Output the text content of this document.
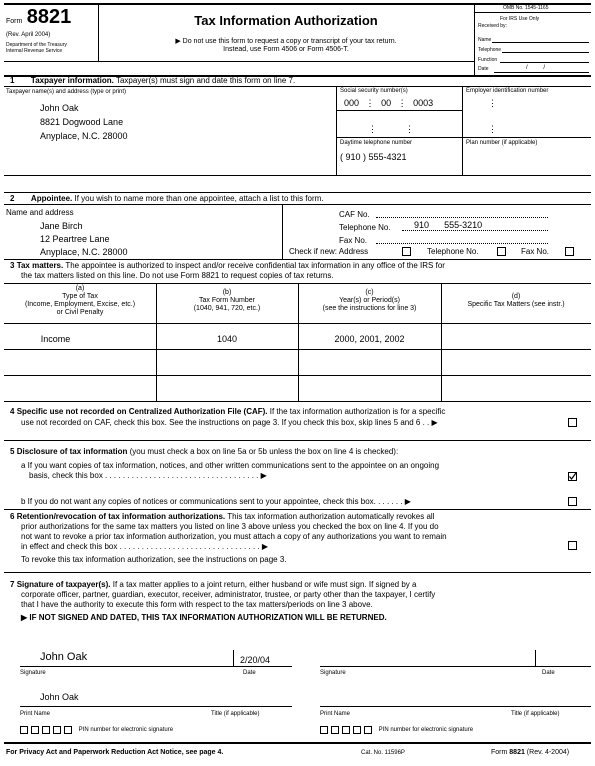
Form 8821
(Rev. April 2004)
Department of the Treasury
Internal Revenue Service
Tax Information Authorization
▶ Do not use this form to request a copy or transcript of your tax return.
Instead, use Form 4506 or Form 4506-T.
OMB No. 1545-1165
For IRS Use Only
Received by:
Name
Telephone
Function
Date	/ /
1 Taxpayer information. Taxpayer(s) must sign and date this form on line 7.
Taxpayer name(s) and address (type or print)
John Oak
8821 Dogwood Lane
Anyplace, N.C. 28000
Social security number(s)
000 ⋮ 00 ⋮ 0003
⋮	⋮
Employer identification number
⋮
⋮
Daytime telephone number
( 910 ) 555-4321
Plan number (if applicable)
2 Appointee. If you wish to name more than one appointee, attach a list to this form.
Name and address
Jane Birch
12 Peartree Lane
Anyplace, N.C. 28000
CAF No.
Telephone No.	910 555-3210
Fax No.
Check if new: Address	Telephone No.	Fax No.
3 Tax matters. The appointee is authorized to inspect and/or receive confidential tax information in any office of the IRS for
the tax matters listed on this line. Do not use Form 8821 to request copies of tax returns.
(a)
Type of Tax
(Income, Employment, Excise, etc.)
or Civil Penalty
(b)
Tax Form Number
(1040, 941, 720, etc.)
(c)
Year(s) or Period(s)
(see the instructions for line 3)
(d)
Specific Tax Matters (see instr.)
Income	1040	2000, 2001, 2002
4 Specific use not recorded on Centralized Authorization File (CAF). If the tax information authorization is for a specific
use not recorded on CAF, check this box. See the instructions on page 3. If you check this box, skip lines 5 and 6 . . ▶
5 Disclosure of tax information (you must check a box on line 5a or 5b unless the box on line 4 is checked):
a If you want copies of tax information, notices, and other written communications sent to the appointee on an ongoing
basis, check this box . . . . . . . . . . . . . . . . . . . . . . . . . . . . . . . . . . . ▶
b If you do not want any copies of notices or communications sent to your appointee, check this box. . . . . . . ▶
6 Retention/revocation of tax information authorizations. This tax information authorization automatically revokes all
prior authorizations for the same tax matters you listed on line 3 above unless you checked the box on line 4. If you do
not want to revoke a prior tax information authorization, you must attach a copy of any authorizations you want to remain
in effect and check this box . . . . . . . . . . . . . . . . . . . . . . . . . . . . . . . . ▶
To revoke this tax information authorization, see the instructions on page 3.
7 Signature of taxpayer(s). If a tax matter applies to a joint return, either husband or wife must sign. If signed by a
corporate officer, partner, guardian, executor, receiver, administrator, trustee, or party other than the taxpayer, I certify
that I have the authority to execute this form with respect to the tax matters/periods on line 3 above.
▶ IF NOT SIGNED AND DATED, THIS TAX INFORMATION AUTHORIZATION WILL BE RETURNED.
John Oak	2/20/04
Signature	Date
John Oak
Print Name	Title (if applicable)
PIN number for electronic signature
Signature	Date
Print Name	Title (if applicable)
PIN number for electronic signature
For Privacy Act and Paperwork Reduction Act Notice, see page 4.	Cat. No. 11596P	Form 8821 (Rev. 4-2004)
